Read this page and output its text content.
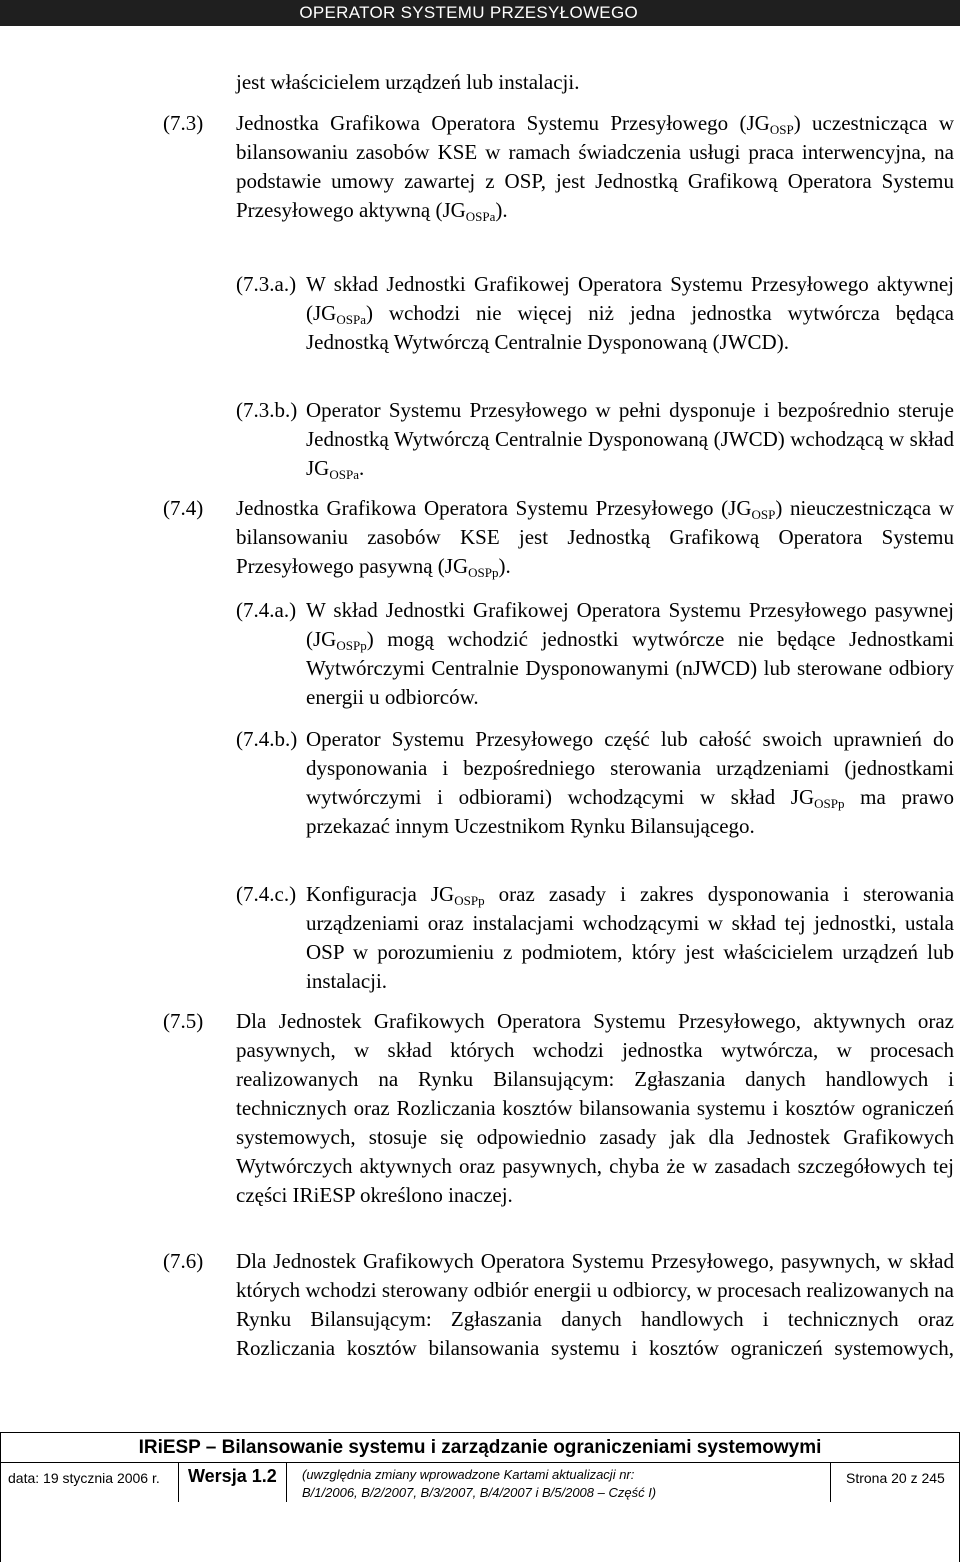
OPERATOR SYSTEMU PRZESYŁOWEGO
jest właścicielem urządzeń lub instalacji.
(7.3) Jednostka Grafikowa Operatora Systemu Przesyłowego $(JG_{OSP})$ uczestnicząca w bilansowaniu zasobów KSE w ramach świadczenia usługi praca interwencyjna, na podstawie umowy zawartej z OSP, jest Jednostką Grafikową Operatora Systemu Przesyłowego aktywną $(JG_{OSPa})$.
(7.3.a.) W skład Jednostki Grafikowej Operatora Systemu Przesyłowego aktywnej $(JG_{OSPa})$ wchodzi nie więcej niż jedna jednostka wytwórcza będąca Jednostką Wytwórczą Centralnie Dysponowaną (JWCD).
(7.3.b.) Operator Systemu Przesyłowego w pełni dysponuje i bezpośrednio steruje Jednostką Wytwórczą Centralnie Dysponowaną (JWCD) wchodzącą w skład $JG_{OSPa}$.
(7.4) Jednostka Grafikowa Operatora Systemu Przesyłowego $(JG_{OSP})$ nieuczestnicząca w bilansowaniu zasobów KSE jest Jednostką Grafikową Operatora Systemu Przesyłowego pasywną $(JG_{OSPp})$.
(7.4.a.) W skład Jednostki Grafikowej Operatora Systemu Przesyłowego pasywnej $(JG_{OSPp})$ mogą wchodzić jednostki wytwórcze nie będące Jednostkami Wytwórczymi Centralnie Dysponowanymi (nJWCD) lub sterowane odbiory energii u odbiorców.
(7.4.b.) Operator Systemu Przesyłowego część lub całość swoich uprawnień do dysponowania i bezpośredniego sterowania urządzeniami (jednostkami wytwórczymi i odbiorami) wchodzącymi w skład $JG_{OSPp}$ ma prawo przekazać innym Uczestnikom Rynku Bilansującego.
(7.4.c.) Konfiguracja $JG_{OSPp}$ oraz zasady i zakres dysponowania i sterowania urządzeniami oraz instalacjami wchodzącymi w skład tej jednostki, ustala OSP w porozumieniu z podmiotem, który jest właścicielem urządzeń lub instalacji.
(7.5) Dla Jednostek Grafikowych Operatora Systemu Przesyłowego, aktywnych oraz pasywnych, w skład których wchodzi jednostka wytwórcza, w procesach realizowanych na Rynku Bilansującym: Zgłaszania danych handlowych i technicznych oraz Rozliczania kosztów bilansowania systemu i kosztów ograniczeń systemowych, stosuje się odpowiednio zasady jak dla Jednostek Grafikowych Wytwórczych aktywnych oraz pasywnych, chyba że w zasadach szczegółowych tej części IRiESP określono inaczej.
(7.6) Dla Jednostek Grafikowych Operatora Systemu Przesyłowego, pasywnych, w skład których wchodzi sterowany odbiór energii u odbiorcy, w procesach realizowanych na Rynku Bilansującym: Zgłaszania danych handlowych i technicznych oraz Rozliczania kosztów bilansowania systemu i kosztów ograniczeń systemowych,
IRiESP – Bilansowanie systemu i zarządzanie ograniczeniami systemowymi
data: 19 stycznia 2006 r. Wersja 1.2 (uwzględnia zmiany wprowadzone Kartami aktualizacji nr:
B/1/2006, B/2/2007, B/3/2007, B/4/2007 i B/5/2008 – Część I)
Strona 20 z 245
